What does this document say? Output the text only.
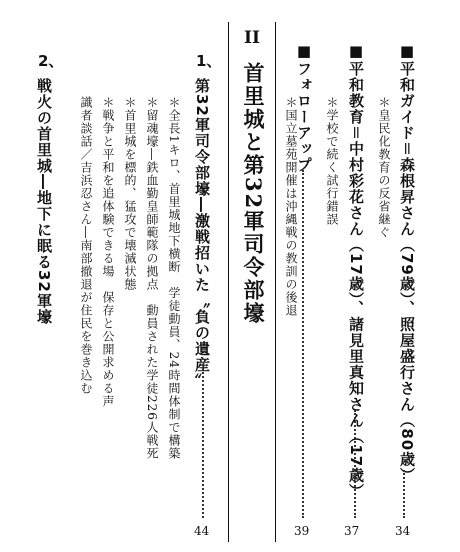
■平和ガイド＝森根昇さん（79歳）、照屋盛行さん（80歳）
＊皇民化教育の反省継ぐ
34
■平和教育＝中村彩花さん（17歳）、諸見里真知さん（17歳）
＊学校で続く試行錯誤
37
■フォローアップ
＊国立墓苑開催は沖縄戦の教訓の後退
39
II
首里城と第32軍司令部壕
1、
第32軍司令部壕―激戦招いた〝負の遺産〟
44
＊全長1キロ、首里城地下横断　学徒動員、24時間体制で構築
＊留魂壕―鉄血勤皇師範隊の拠点　動員された学徒226人戦死
＊首里城を標的、猛攻で壊滅状態
＊戦争と平和を追体験できる場　保存と公開求める声
識者談話／吉浜忍さん―南部撤退が住民を巻き込む
2、
戦火の首里城―地下に眠る32軍壕
